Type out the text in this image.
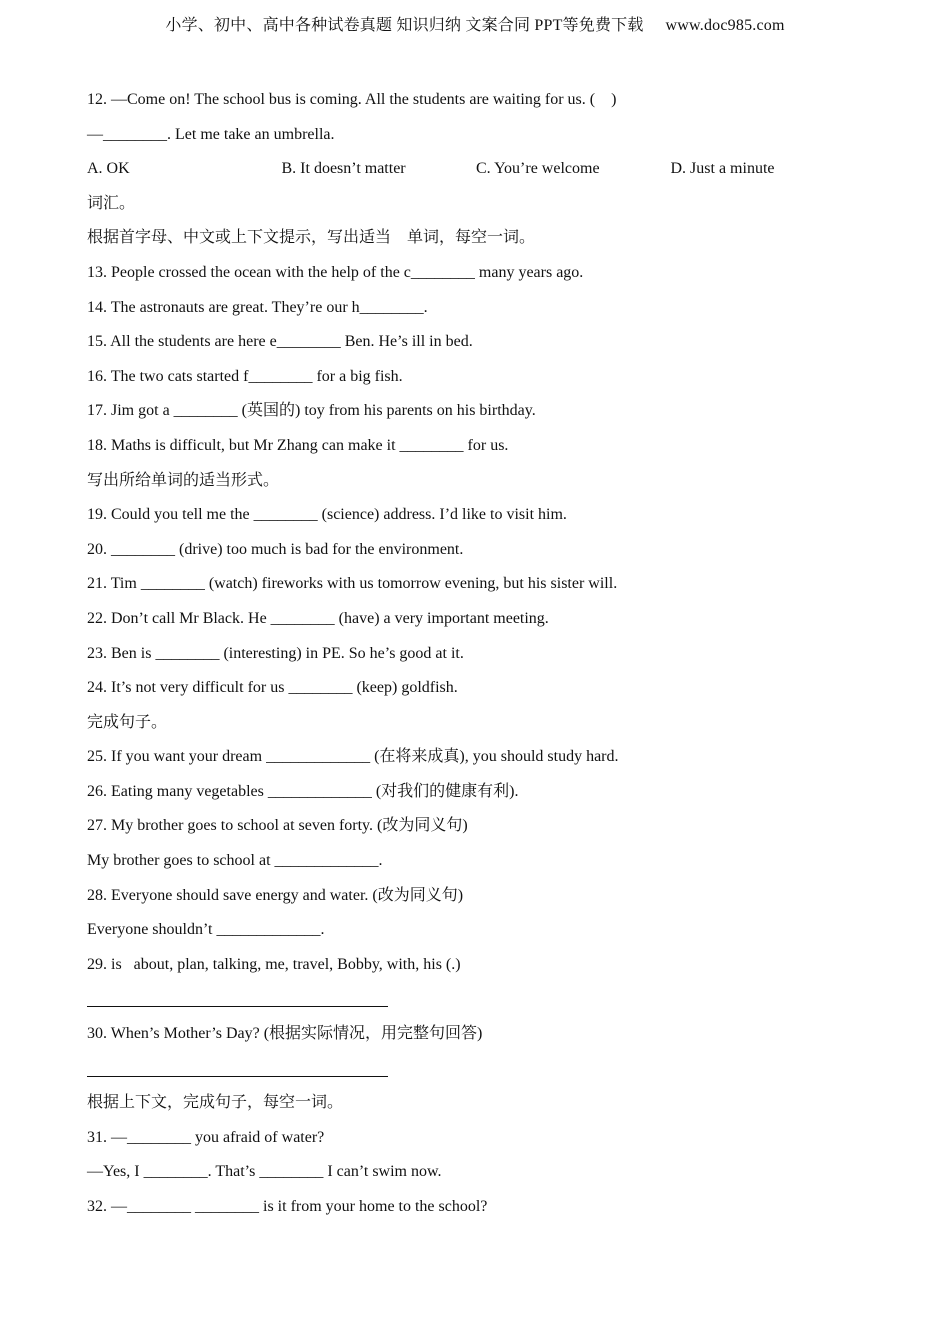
小学、初中、高中各种试卷真题 知识归纳 文案合同 PPT等免费下载 www.doc985.com
12. —Come on! The school bus is coming. All the students are waiting for us. (    )
—________. Let me take an umbrella.
A. OK	B. It doesn’t matter	C. You’re welcome	D. Just a minute
词汇。
根据首字母、中文或上下文提示，写出适当    单词，每空一词。
13. People crossed the ocean with the help of the c________ many years ago.
14. The astronauts are great. They’re our h________.
15. All the students are here e________ Ben. He’s ill in bed.
16. The two cats started f________ for a big fish.
17. Jim got a ________ (英国的) toy from his parents on his birthday.
18. Maths is difficult, but Mr Zhang can make it ________ for us.
写出所给单词的适当形式。
19. Could you tell me the ________ (science) address. I’d like to visit him.
20. ________ (drive) too much is bad for the environment.
21. Tim ________ (watch) fireworks with us tomorrow evening, but his sister will.
22. Don’t call Mr Black. He ________ (have) a very important meeting.
23. Ben is ________ (interesting) in PE. So he’s good at it.
24. It’s not very difficult for us ________ (keep) goldfish.
完成句子。
25. If you want your dream _____________ (在将来成真), you should study hard.
26. Eating many vegetables _____________ (对我们的健康有利).
27. My brother goes to school at seven forty. (改为同义句)
My brother goes to school at _____________.
28. Everyone should save energy and water. (改为同义句)
Everyone shouldn’t _____________.
29. is   about, plan, talking, me, travel, Bobby, with, his (.)
30. When’s Mother’s Day? (根据实际情况，用完整句回答)
根据上下文，完成句子，每空一词。
31. —________ you afraid of water?
—Yes, I ________. That’s ________ I can’t swim now.
32. —________ ________ is it from your home to the school?
